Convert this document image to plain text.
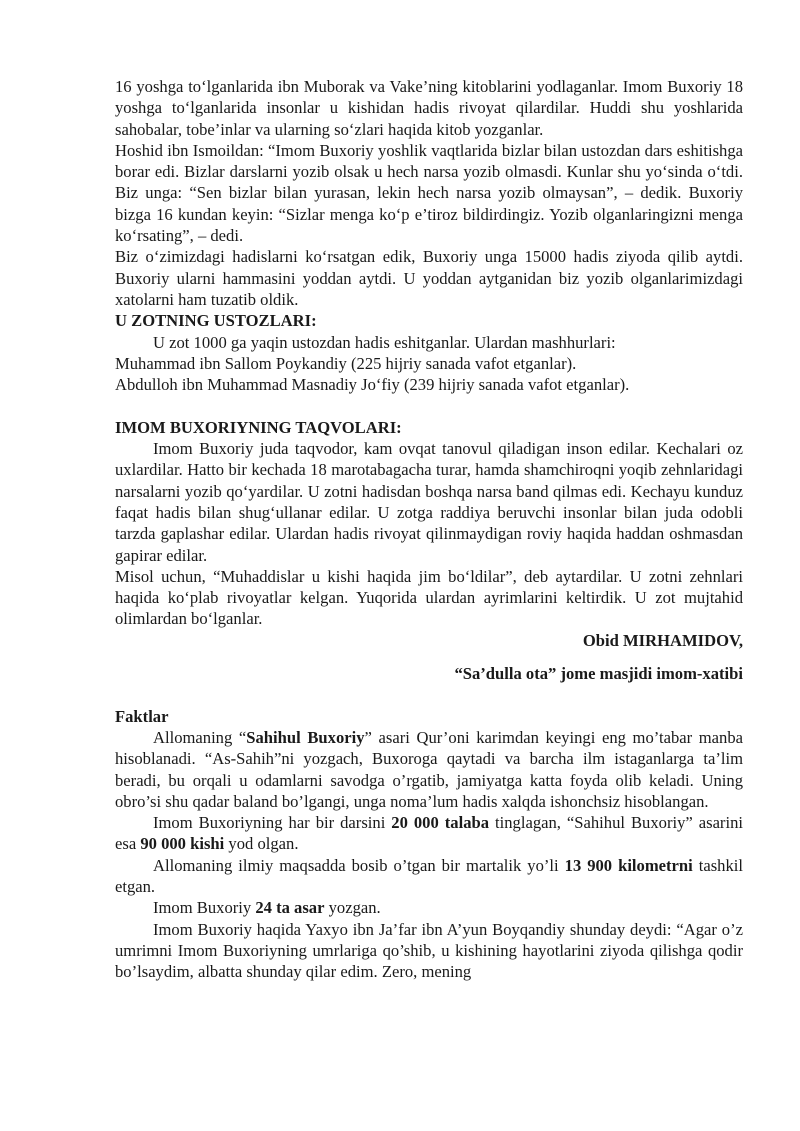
16 yoshga to‘lganlarida ibn Muborak va Vake’ning kitoblarini yodlaganlar. Imom Buxoriy 18 yoshga to‘lganlarida insonlar u kishidan hadis rivoyat qilardilar. Huddi shu yoshlarida sahobalar, tobe’inlar va ularning so‘zlari haqida kitob yozganlar.

Hoshid ibn Ismoildan: “Imom Buxoriy yoshlik vaqtlarida bizlar bilan ustozdan dars eshitishga borar edi. Bizlar darslarni yozib olsak u hech narsa yozib olmasdi. Kunlar shu yo‘sinda o‘tdi. Biz unga: “Sen bizlar bilan yurasan, lekin hech narsa yozib olmaysan”, – dedik. Buxoriy bizga 16 kundan keyin: “Sizlar menga ko‘p e’tiroz bildirdingiz. Yozib olganlaringizni menga ko‘rsating”, – dedi.

Biz o‘zimizdagi hadislarni ko‘rsatgan edik, Buxoriy unga 15000 hadis ziyoda qilib aytdi. Buxoriy ularni hammasini yoddan aytdi. U yoddan aytganidan biz yozib olganlarimizdagi xatolarni ham tuzatib oldik.

U ZOTNING USTOZLARI:

U zot 1000 ga yaqin ustozdan hadis eshitganlar. Ulardan mashhurlari:

Muhammad ibn Sallom Poykandiy (225 hijriy sanada vafot etganlar).

Abdulloh ibn Muhammad Masnadiy Jo‘fiy (239 hijriy sanada vafot etganlar).

IMOM BUXORIYNING TAQVOLARI:

Imom Buxoriy juda taqvodor, kam ovqat tanovul qiladigan inson edilar. Kechalari oz uxlardilar. Hatto bir kechada 18 marotabagacha turar, hamda shamchiroqni yoqib zehnlaridagi narsalarni yozib qo‘yardilar. U zotni hadisdan boshqa narsa band qilmas edi. Kechayu kunduz faqat hadis bilan shug‘ullanar edilar. U zotga raddiya beruvchi insonlar bilan juda odobli tarzda gaplashar edilar. Ulardan hadis rivoyat qilinmaydigan roviy haqida haddan oshmasdan gapirar edilar.

Misol uchun, “Muhaddislar u kishi haqida jim bo‘ldilar”, deb aytardilar. U zotni zehnlari haqida ko‘plab rivoyatlar kelgan. Yuqorida ulardan ayrimlarini keltirdik. U zot mujtahid olimlardan bo‘lganlar.

Obid MIRHAMIDOV,

“Sa’dulla ota” jome masjidi imom-xatibi

Faktlar

Allomaning “Sahihul Buxoriy” asari Qur’oni karimdan keyingi eng mo’tabar manba hisoblanadi. “As-Sahih”ni yozgach, Buxoroga qaytadi va barcha ilm istaganlarga ta’lim beradi, bu orqali u odamlarni savodga o’rgatib, jamiyatga katta foyda olib keladi. Uning obro’si shu qadar baland bo’lgangi, unga noma’lum hadis xalqda ishonchsiz hisoblangan.

Imom Buxoriyning har bir darsini 20 000 talaba tinglagan, “Sahihul Buxoriy” asarini esa 90 000 kishi yod olgan.

Allomaning ilmiy maqsadda bosib o’tgan bir martalik yo’li 13 900 kilometrni tashkil etgan.

Imom Buxoriy 24 ta asar yozgan.

Imom Buxoriy haqida Yaxyo ibn Ja’far ibn A’yun Boyqandiy shunday deydi: “Agar o’z umrimni Imom Buxoriyning umrlariga qo’shib, u kishining hayotlarini ziyoda qilishga qodir bo’lsaydim, albatta shunday qilar edim. Zero, mening
